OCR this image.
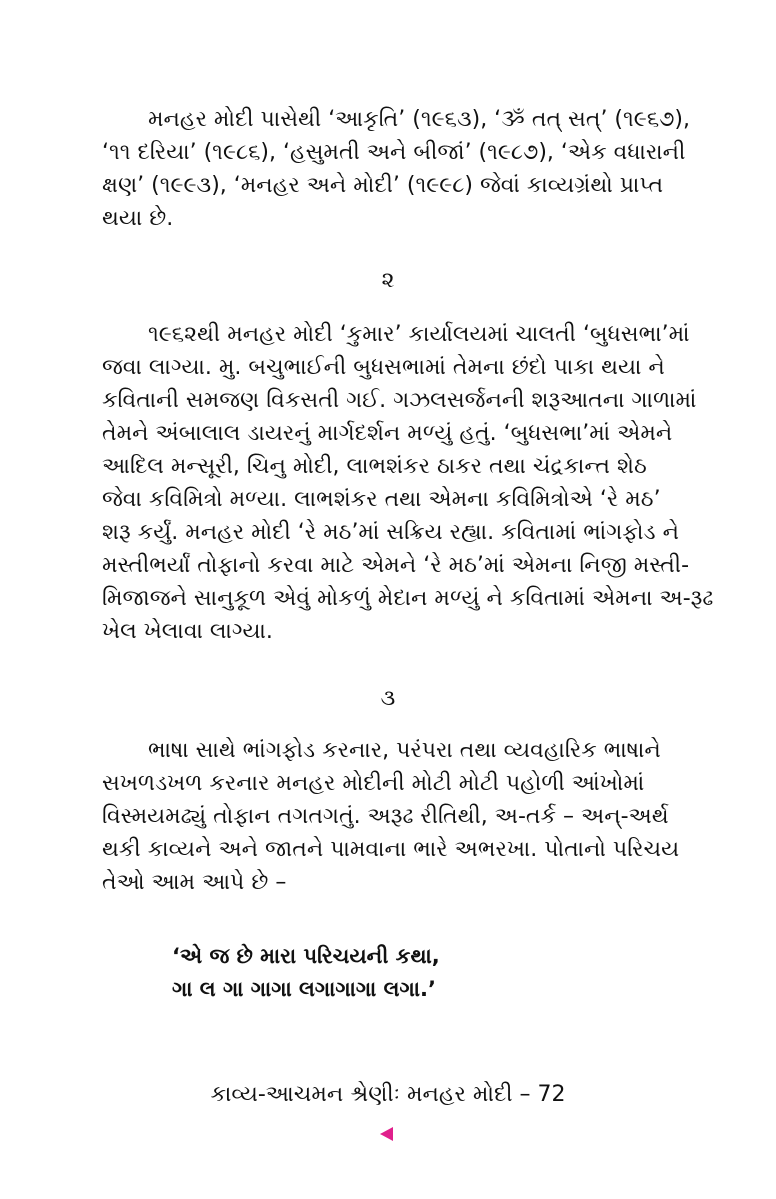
મનહર મોદી પાસેથી ‘આકૃતિ’ (૧૯૬૩), ‘ૐ તત્ સત્’ (૧૯૬૭),
‘૧૧ દરિયા’ (૧૯૮૬), ‘હસુમતી અને બીજાં’ (૧૯૮૭), ‘એક વધારાની
ક્ષણ’ (૧૯૯૩), ‘મનહર અને મોદી’ (૧૯૯૮) જેવાં કાવ્યગ્રંથો પ્રાપ્ત
થયા છે.
૨
૧૯૬૨થી મનહર મોદી ‘કુમાર’ કાર્યાલયમાં ચાલતી ‘બુધસભા’માં
જવા લાગ્યા. મુ. બચુભાઈની બુધસભામાં તેમના છંદો પાકા થયા ને
કવિતાની સમજણ વિકસતી ગઈ. ગઝલસર્જનની શરૂઆતના ગાળામાં
તેમને અંબાલાલ ડાયરનું માર્ગદર્શન મળ્યું હતું. ‘બુધસભા’માં એમને
આદિલ મન્સૂરી, ચિનુ મોદી, લાભશંકર ઠાકર તથા ચંદ્રકાન્ત શેઠ
જેવા કવિમિત્રો મળ્યા. લાભશંકર તથા એમના કવિમિત્રોએ ‘રે મઠ’
શરૂ કર્યું. મનહર મોદી ‘રે મઠ’માં સક્રિય રહ્યા. કવિતામાં ભાંગફોડ ને
મસ્તીભર્યાં તોફાનો કરવા માટે એમને ‘રે મઠ’માં એમના નિજી મસ્તી-
મિજાજને સાનુકૂળ એવું મોકળું મેદાન મળ્યું ને કવિતામાં એમના અ-રૂઢ
ખેલ ખેલાવા લાગ્યા.
૩
ભાષા સાથે ભાંગફોડ કરનાર, પરંપરા તથા વ્યવહારિક ભાષાને
સખળડખળ કરનાર મનહર મોદીની મોટી મોટી પહોળી આંખોમાં
વિસ્મયમઢ્યું તોફાન તગતગતું. અરૂઢ રીતિથી, અ-તર્ક – અન્-અર્થ
થકી કાવ્યને અને જાતને પામવાના ભારે અભરખા. પોતાનો પરિચય
તેઓ આમ આપે છે –
‘એ જ છે મારા પરિચયની કથા,
ગા લ ગા ગાગા લગાગાગા લગા.’
કાવ્ય-આચમન શ્રેણીઃ મનહર મોદી – 72
